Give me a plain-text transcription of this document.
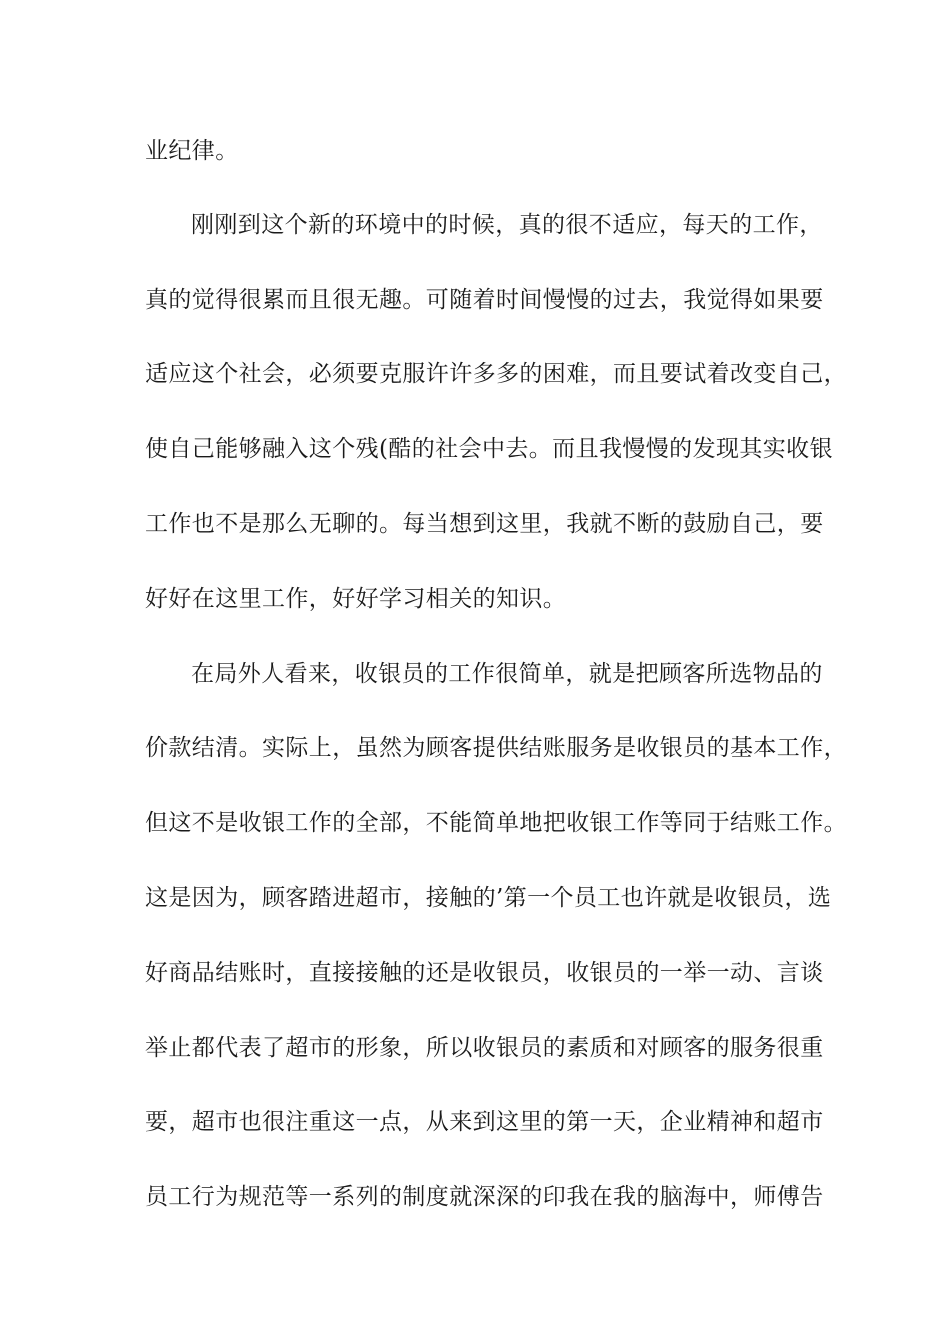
业纪律。
刚刚到这个新的环境中的时候，真的很不适应，每天的工作，
真的觉得很累而且很无趣。可随着时间慢慢的过去，我觉得如果要
适应这个社会，必须要克服许许多多的困难，而且要试着改变自己，
使自己能够融入这个残(酷的社会中去。而且我慢慢的发现其实收银
工作也不是那么无聊的。每当想到这里，我就不断的鼓励自己，要
好好在这里工作，好好学习相关的知识。
在局外人看来，收银员的工作很简单，就是把顾客所选物品的
价款结清。实际上，虽然为顾客提供结账服务是收银员的基本工作，
但这不是收银工作的全部，不能简单地把收银工作等同于结账工作。
这是因为，顾客踏进超市，接触的’第一个员工也许就是收银员，选
好商品结账时，直接接触的还是收银员，收银员的一举一动、言谈
举止都代表了超市的形象，所以收银员的素质和对顾客的服务很重
要，超市也很注重这一点，从来到这里的第一天，企业精神和超市
员工行为规范等一系列的制度就深深的印我在我的脑海中，师傅告
